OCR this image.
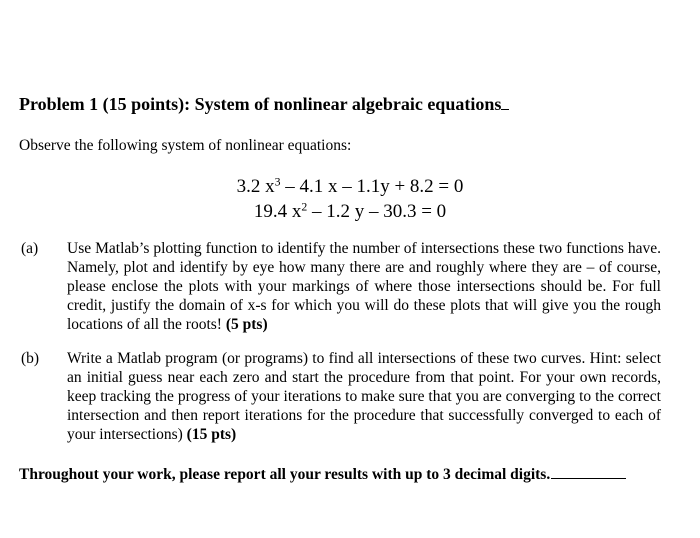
Problem 1 (15 points): System of nonlinear algebraic equations
Observe the following system of nonlinear equations:
3.2 $x^3 - 4.1$ x – 1.1y + 8.2 = 0
19.4 $x^2 - 1.2$ y – 30.3 = 0
(a) Use Matlab’s plotting function to identify the number of intersections these two functions have. Namely, plot and identify by eye how many there are and roughly where they are – of course, please enclose the plots with your markings of where those intersections should be. For full credit, justify the domain of x-s for which you will do these plots that will give you the rough locations of all the roots! (5 pts)
(b) Write a Matlab program (or programs) to find all intersections of these two curves. Hint: select an initial guess near each zero and start the procedure from that point. For your own records, keep tracking the progress of your iterations to make sure that you are converging to the correct intersection and then report iterations for the procedure that successfully converged to each of your intersections) (15 pts)
Throughout your work, please report all your results with up to 3 decimal digits.
